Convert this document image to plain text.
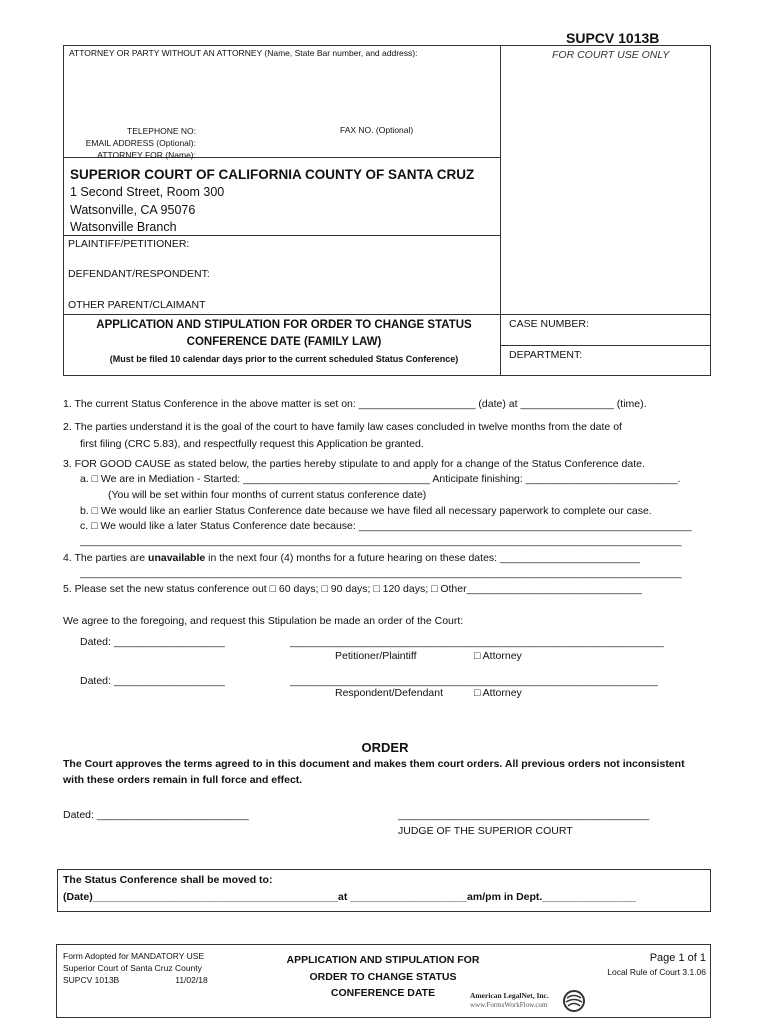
SUPCV 1013B
ATTORNEY OR PARTY WITHOUT AN ATTORNEY (Name, State Bar number, and address):	FOR COURT USE ONLY
TELEPHONE NO:
EMAIL ADDRESS (Optional):
ATTORNEY FOR (Name):
FAX NO. (Optional)
SUPERIOR COURT OF CALIFORNIA COUNTY OF SANTA CRUZ
1 Second Street, Room 300
Watsonville, CA 95076
Watsonville Branch
PLAINTIFF/PETITIONER:
DEFENDANT/RESPONDENT:
OTHER PARENT/CLAIMANT
APPLICATION AND STIPULATION FOR ORDER TO CHANGE STATUS
CONFERENCE DATE (FAMILY LAW)
(Must be filed 10 calendar days prior to the current scheduled Status Conference)
CASE NUMBER:
DEPARTMENT:
1. The current Status Conference in the above matter is set on: ____________________ (date) at ________________ (time).
2. The parties understand it is the goal of the court to have family law cases concluded in twelve months from the date of
first filing (CRC 5.83), and respectfully request this Application be granted.
3. FOR GOOD CAUSE as stated below, the parties hereby stipulate to and apply for a change of the Status Conference date.
a. □ We are in Mediation - Started: ________________________________ Anticipate finishing: __________________________.
(You will be set within four months of current status conference date)
b. □ We would like an earlier Status Conference date because we have filed all necessary paperwork to complete our case.
c. □ We would like a later Status Conference date because: _________________________________________________________
_______________________________________________________________________________________________________
4. The parties are unavailable in the next four (4) months for a future hearing on these dates: ________________________
_______________________________________________________________________________________________________
5. Please set the new status conference out □ 60 days; □ 90 days; □ 120 days; □ Other______________________________
We agree to the foregoing, and request this Stipulation be made an order of the Court:
Dated: ___________________	________________________________________________________________
Petitioner/Plaintiff	□ Attorney
Dated: ___________________	_______________________________________________________________
Respondent/Defendant	□ Attorney
ORDER
The Court approves the terms agreed to in this document and makes them court orders. All previous orders not inconsistent with these orders remain in full force and effect.
Dated: __________________________	___________________________________________
JUDGE OF THE SUPERIOR COURT
The Status Conference shall be moved to:
(Date)__________________________________________at ____________________am/pm in Dept.________________
Form Adopted for MANDATORY USE
Superior Court of Santa Cruz County
SUPCV 1013B	11/02/18
APPLICATION AND STIPULATION FOR
ORDER TO CHANGE STATUS
CONFERENCE DATE
Page 1 of 1
Local Rule of Court 3.1.06
American LegalNet, Inc.
www.FormsWorkFlow.com
